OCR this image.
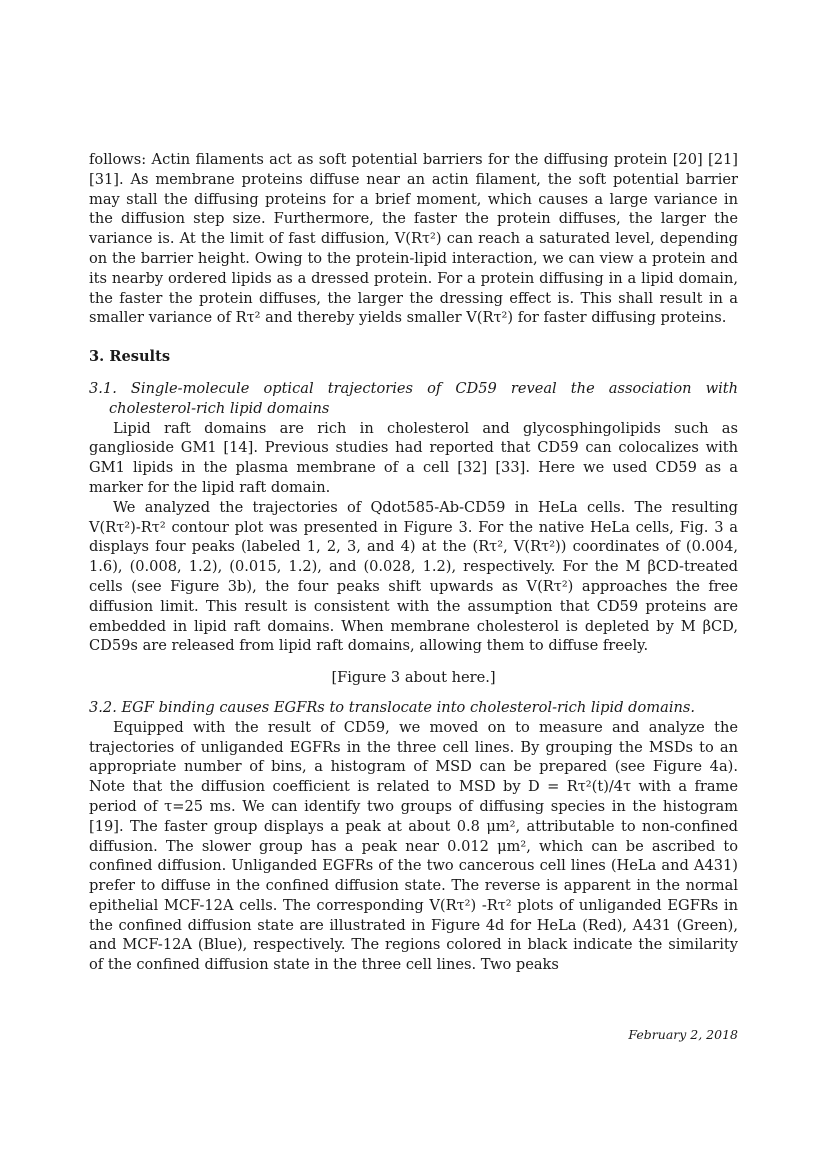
follows: Actin filaments act as soft potential barriers for the diffusing protein [20] [21] [31]. As membrane proteins diffuse near an actin filament, the soft potential barrier may stall the diffusing proteins for a brief moment, which causes a large variance in the diffusion step size. Furthermore, the faster the protein diffuses, the larger the variance is. At the limit of fast diffusion, V(Rτ²) can reach a saturated level, depending on the barrier height. Owing to the protein-lipid interaction, we can view a protein and its nearby ordered lipids as a dressed protein. For a protein diffusing in a lipid domain, the faster the protein diffuses, the larger the dressing effect is. This shall result in a smaller variance of Rτ² and thereby yields smaller V(Rτ²) for faster diffusing proteins.

3. Results
3.1. Single-molecule optical trajectories of CD59 reveal the association with cholesterol-rich lipid domains

Lipid raft domains are rich in cholesterol and glycosphingolipids such as ganglioside GM1 [14]. Previous studies had reported that CD59 can colocalizes with GM1 lipids in the plasma membrane of a cell [32] [33]. Here we used CD59 as a marker for the lipid raft domain.

We analyzed the trajectories of Qdot585-Ab-CD59 in HeLa cells. The resulting V(Rτ²)-Rτ² contour plot was presented in Figure 3. For the native HeLa cells, Fig. 3 a displays four peaks (labeled 1, 2, 3, and 4) at the (Rτ², V(Rτ²)) coordinates of (0.004, 1.6), (0.008, 1.2), (0.015, 1.2), and (0.028, 1.2), respectively. For the M βCD-treated cells (see Figure 3b), the four peaks shift upwards as V(Rτ²) approaches the free diffusion limit. This result is consistent with the assumption that CD59 proteins are embedded in lipid raft domains. When membrane cholesterol is depleted by M βCD, CD59s are released from lipid raft domains, allowing them to diffuse freely.

[Figure 3 about here.]
3.2. EGF binding causes EGFRs to translocate into cholesterol-rich lipid domains.

Equipped with the result of CD59, we moved on to measure and analyze the trajectories of unliganded EGFRs in the three cell lines. By grouping the MSDs to an appropriate number of bins, a histogram of MSD can be prepared (see Figure 4a). Note that the diffusion coefficient is related to MSD by D = Rτ²(t)/4τ with a frame period of τ=25 ms. We can identify two groups of diffusing species in the histogram [19]. The faster group displays a peak at about 0.8 μm², attributable to non-confined diffusion. The slower group has a peak near 0.012 μm², which can be ascribed to confined diffusion. Unliganded EGFRs of the two cancerous cell lines (HeLa and A431) prefer to diffuse in the confined diffusion state. The reverse is apparent in the normal epithelial MCF-12A cells. The corresponding V(Rτ²) -Rτ² plots of unliganded EGFRs in the confined diffusion state are illustrated in Figure 4d for HeLa (Red), A431 (Green), and MCF-12A (Blue), respectively. The regions colored in black indicate the similarity of the confined diffusion state in the three cell lines. Two peaks

February 2, 2018
